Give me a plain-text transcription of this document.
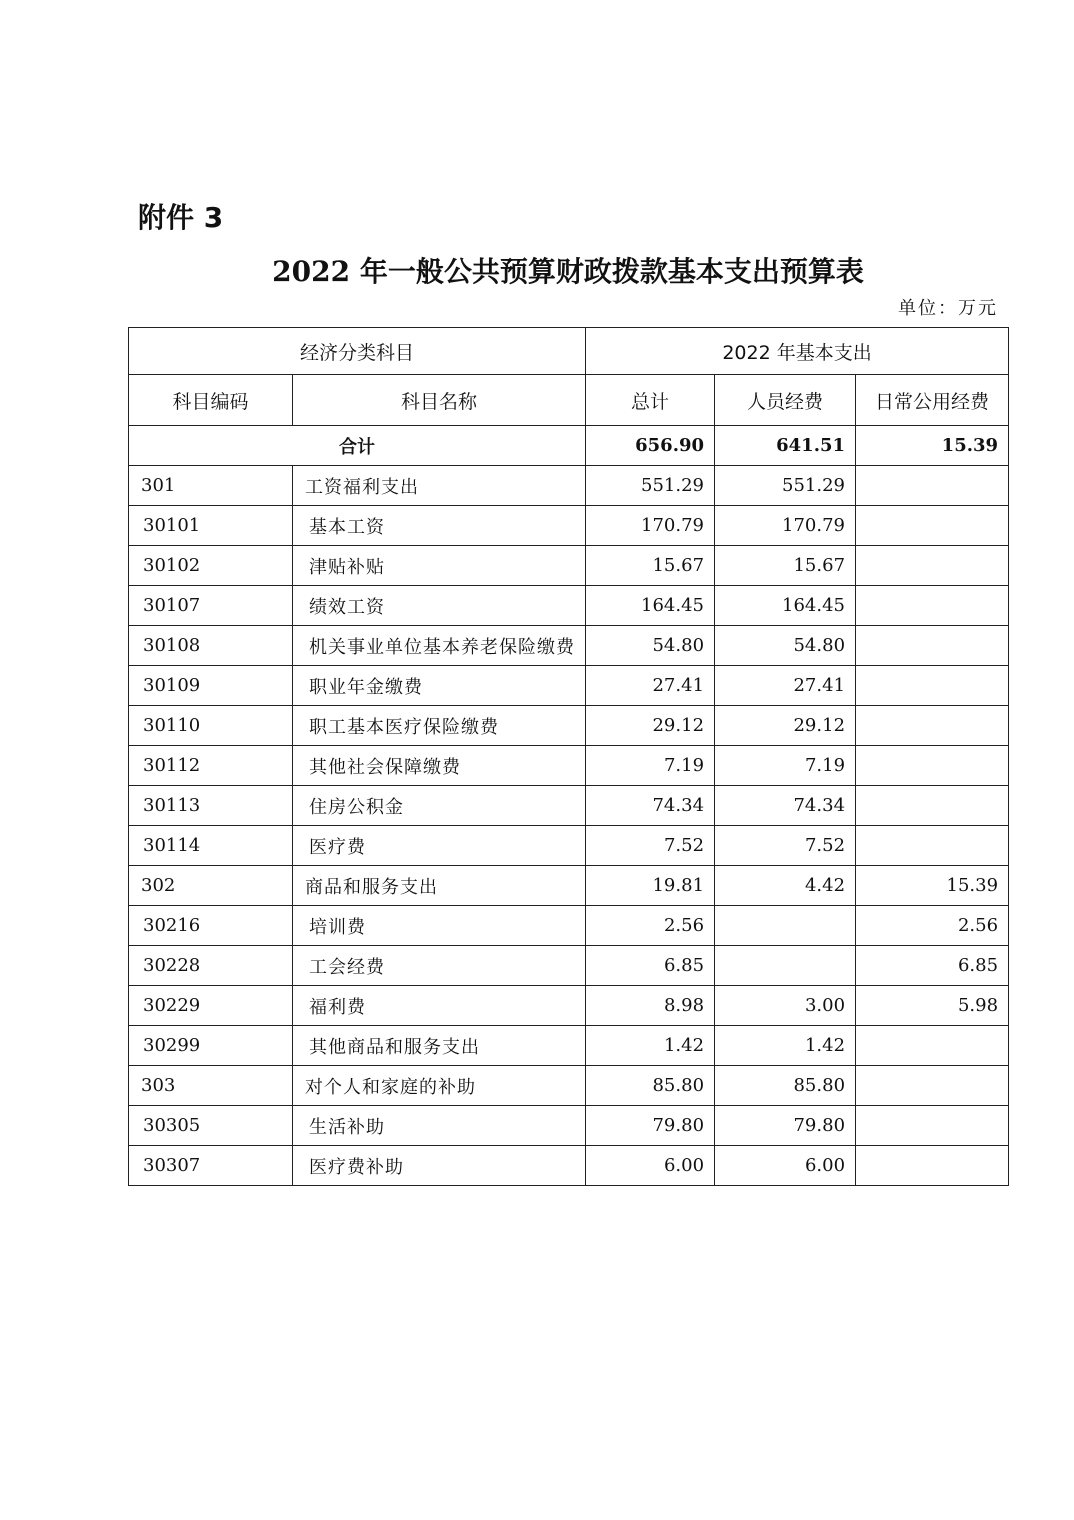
附件 3
2022 年一般公共预算财政拨款基本支出预算表
单位：万元
经济分类科目		2022 年基本支出		
科目编码	科目名称	总计	人员经费	日常公用经费
合计		656.90	641.51	15.39
301	工资福利支出	551.29	551.29	
30101	基本工资	170.79	170.79	
30102	津贴补贴	15.67	15.67	
30107	绩效工资	164.45	164.45	
30108	机关事业单位基本养老保险缴费	54.80	54.80	
30109	职业年金缴费	27.41	27.41	
30110	职工基本医疗保险缴费	29.12	29.12	
30112	其他社会保障缴费	7.19	7.19	
30113	住房公积金	74.34	74.34	
30114	医疗费	7.52	7.52	
302	商品和服务支出	19.81	4.42	15.39
30216	培训费	2.56		2.56
30228	工会经费	6.85		6.85
30229	福利费	8.98	3.00	5.98
30299	其他商品和服务支出	1.42	1.42	
303	对个人和家庭的补助	85.80	85.80	
30305	生活补助	79.80	79.80	
30307	医疗费补助	6.00	6.00	
